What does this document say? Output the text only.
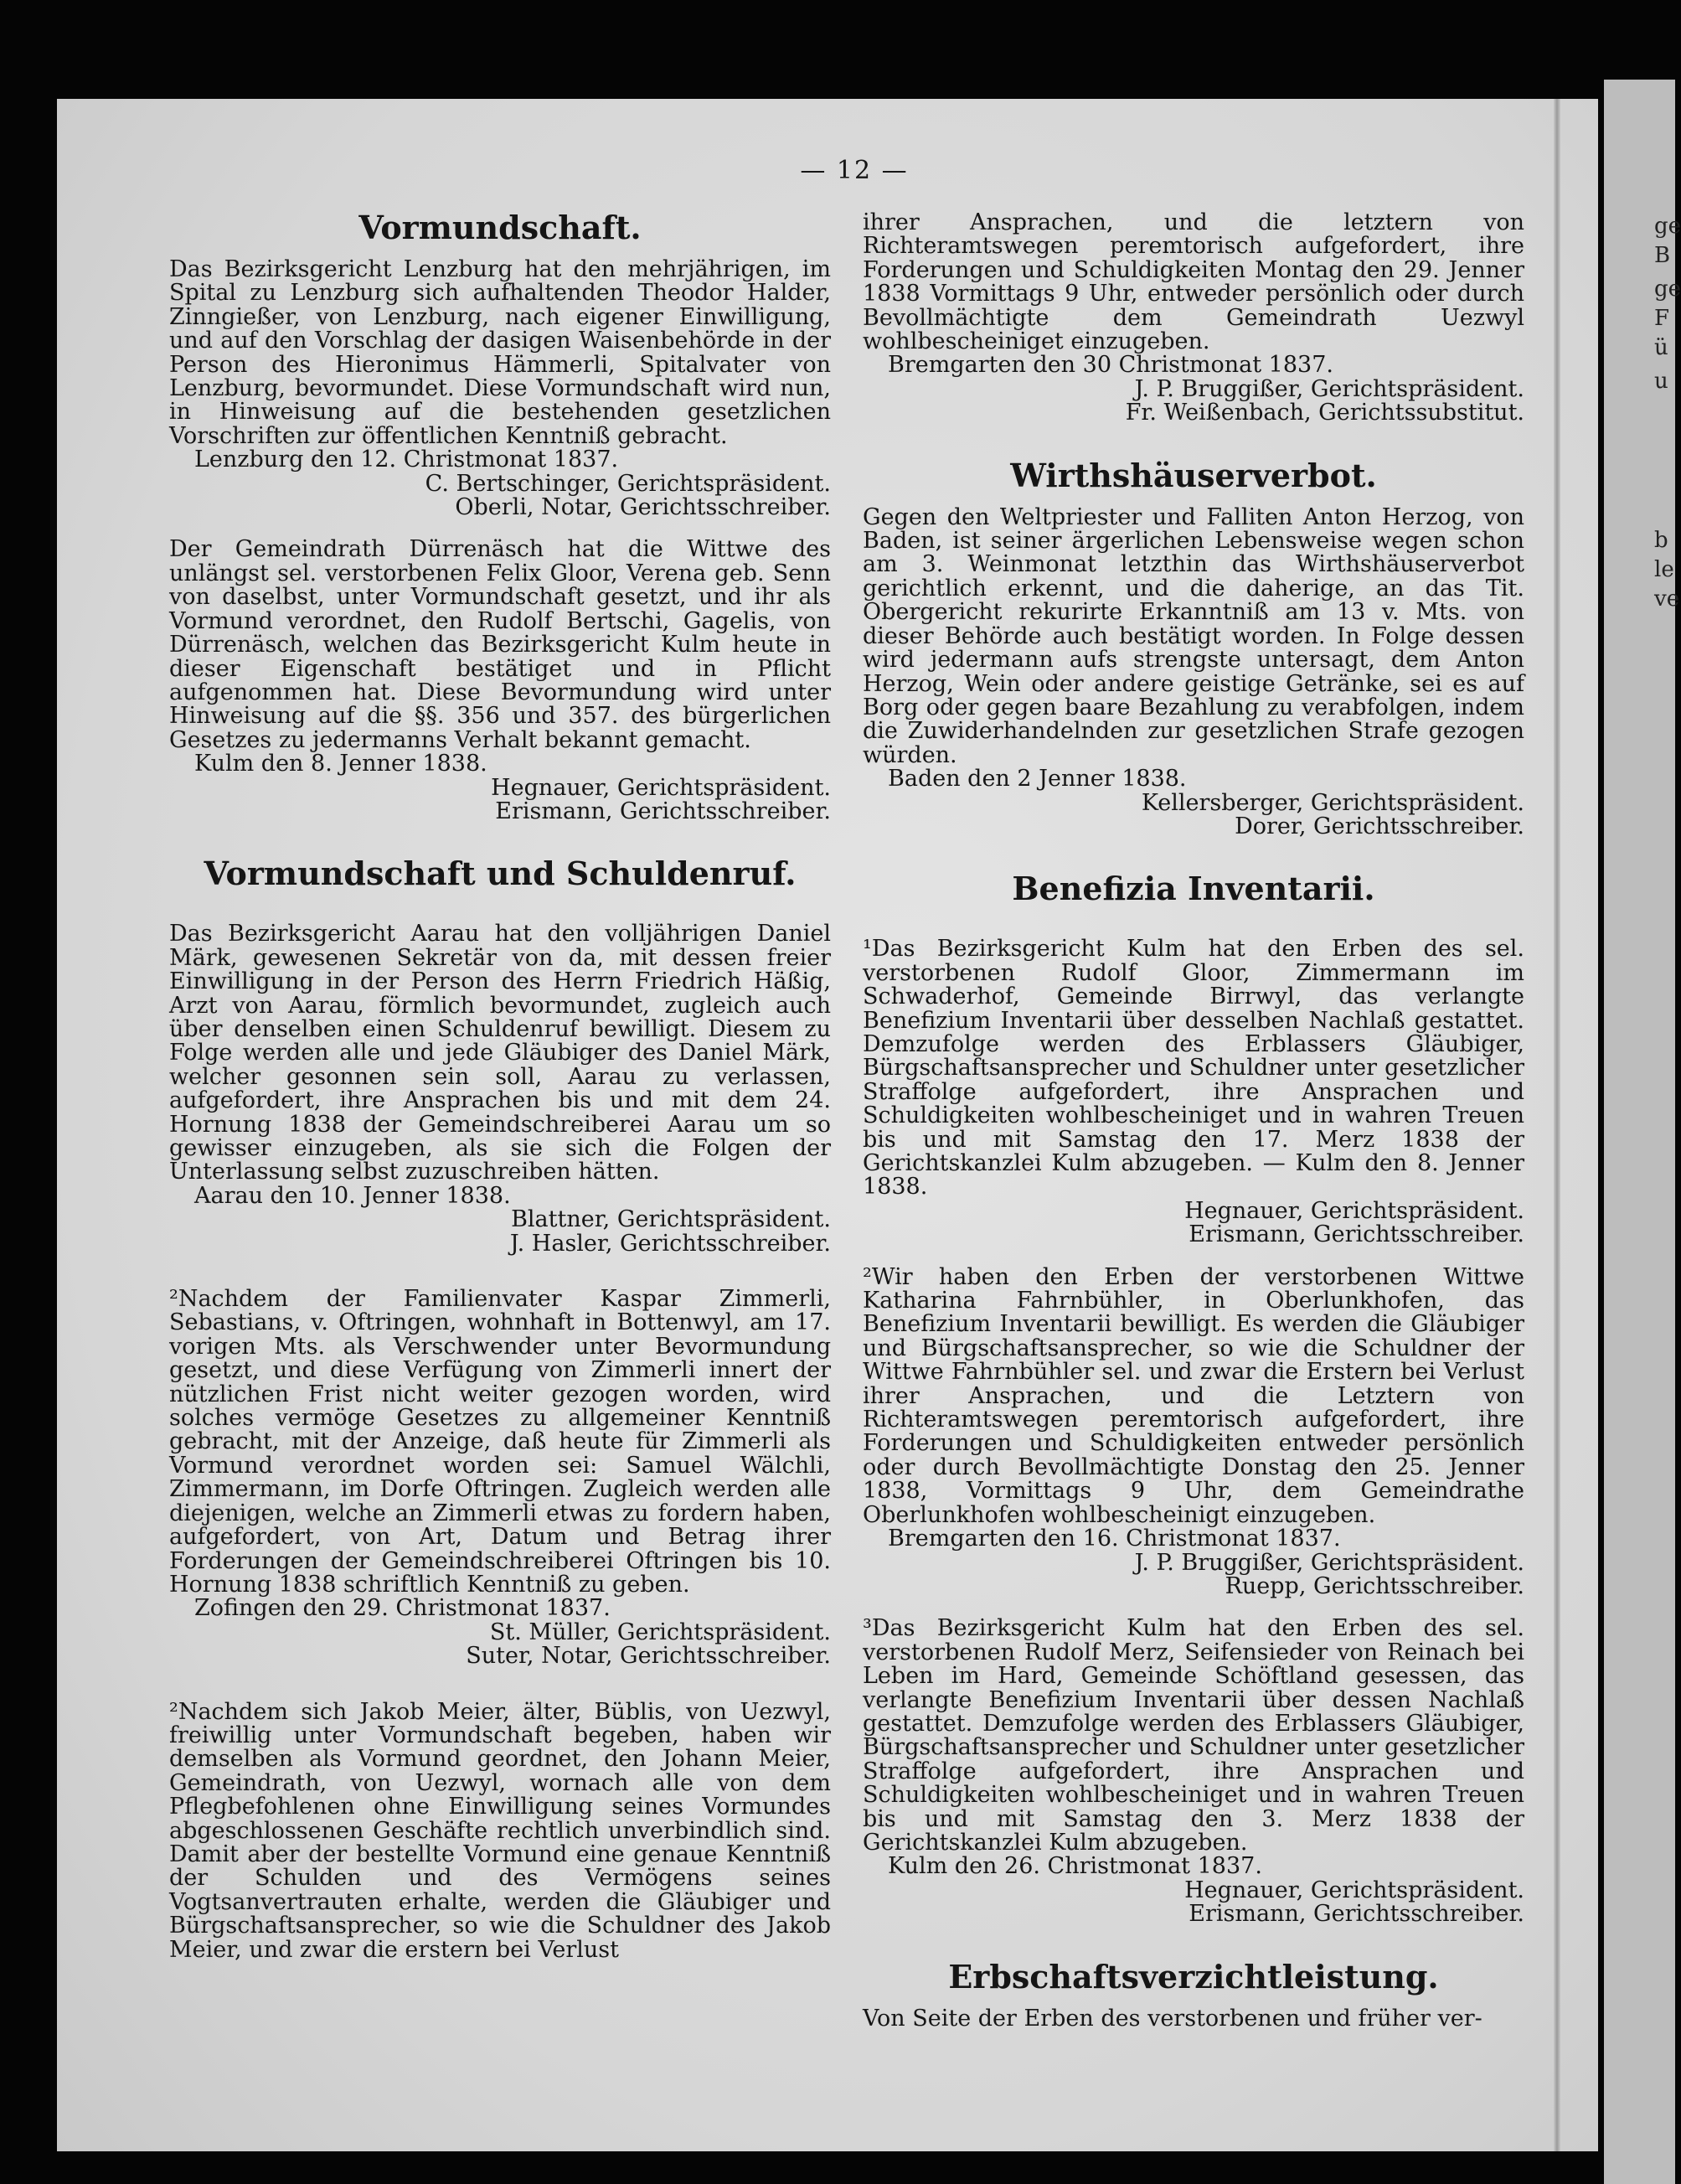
— 12 —
Vormundschaft.

Das Bezirksgericht Lenzburg hat den mehrjährigen, im Spital zu Lenzburg sich aufhaltenden Theodor Halder, Zinngießer, von Lenzburg, nach eigener Einwilligung, und auf den Vorschlag der dasigen Waisenbehörde in der Person des Hieronimus Hämmerli, Spitalvater von Lenzburg, bevormundet. Diese Vormundschaft wird nun, in Hinweisung auf die bestehenden gesetzlichen Vorschriften zur öffentlichen Kenntniß gebracht.

Lenzburg den 12. Christmonat 1837.

C. Bertschinger, Gerichtspräsident.

Oberli, Notar, Gerichtsschreiber.

Der Gemeindrath Dürrenäsch hat die Wittwe des unlängst sel. verstorbenen Felix Gloor, Verena geb. Senn von daselbst, unter Vormundschaft gesetzt, und ihr als Vormund verordnet, den Rudolf Bertschi, Gagelis, von Dürrenäsch, welchen das Bezirksgericht Kulm heute in dieser Eigenschaft bestätiget und in Pflicht aufgenommen hat. Diese Bevormundung wird unter Hinweisung auf die §§. 356 und 357. des bürgerlichen Gesetzes zu jedermanns Verhalt bekannt gemacht.

Kulm den 8. Jenner 1838.

Hegnauer, Gerichtspräsident.

Erismann, Gerichtsschreiber.

Vormundschaft und Schuldenruf.

Das Bezirksgericht Aarau hat den volljährigen Daniel Märk, gewesenen Sekretär von da, mit dessen freier Einwilligung in der Person des Herrn Friedrich Häßig, Arzt von Aarau, förmlich bevormundet, zugleich auch über denselben einen Schuldenruf bewilligt. Diesem zu Folge werden alle und jede Gläubiger des Daniel Märk, welcher gesonnen sein soll, Aarau zu verlassen, aufgefordert, ihre Ansprachen bis und mit dem 24. Hornung 1838 der Gemeindschreiberei Aarau um so gewisser einzugeben, als sie sich die Folgen der Unterlassung selbst zuzuschreiben hätten.

Aarau den 10. Jenner 1838.

Blattner, Gerichtspräsident.

J. Hasler, Gerichtsschreiber.

²Nachdem der Familienvater Kaspar Zimmerli, Sebastians, v. Oftringen, wohnhaft in Bottenwyl, am 17. vorigen Mts. als Verschwender unter Bevormundung gesetzt, und diese Verfügung von Zimmerli innert der nützlichen Frist nicht weiter gezogen worden, wird solches vermöge Gesetzes zu allgemeiner Kenntniß gebracht, mit der Anzeige, daß heute für Zimmerli als Vormund verordnet worden sei: Samuel Wälchli, Zimmermann, im Dorfe Oftringen. Zugleich werden alle diejenigen, welche an Zimmerli etwas zu fordern haben, aufgefordert, von Art, Datum und Betrag ihrer Forderungen der Gemeindschreiberei Oftringen bis 10. Hornung 1838 schriftlich Kenntniß zu geben.

Zofingen den 29. Christmonat 1837.

St. Müller, Gerichtspräsident.

Suter, Notar, Gerichtsschreiber.

²Nachdem sich Jakob Meier, älter, Büblis, von Uezwyl, freiwillig unter Vormundschaft begeben, haben wir demselben als Vormund geordnet, den Johann Meier, Gemeindrath, von Uezwyl, wornach alle von dem Pflegbefohlenen ohne Einwilligung seines Vormundes abgeschlossenen Geschäfte rechtlich unverbindlich sind. Damit aber der bestellte Vormund eine genaue Kenntniß der Schulden und des Vermögens seines Vogtsanvertrauten erhalte, werden die Gläubiger und Bürgschaftsansprecher, so wie die Schuldner des Jakob Meier, und zwar die erstern bei Verlust

ihrer Ansprachen, und die letztern von Richteramtswegen peremtorisch aufgefordert, ihre Forderungen und Schuldigkeiten Montag den 29. Jenner 1838 Vormittags 9 Uhr, entweder persönlich oder durch Bevollmächtigte dem Gemeindrath Uezwyl wohlbescheiniget einzugeben.

Bremgarten den 30 Christmonat 1837.

J. P. Bruggißer, Gerichtspräsident.

Fr. Weißenbach, Gerichtssubstitut.

Wirthshäuserverbot.

Gegen den Weltpriester und Falliten Anton Herzog, von Baden, ist seiner ärgerlichen Lebensweise wegen schon am 3. Weinmonat letzthin das Wirthshäuserverbot gerichtlich erkennt, und die daherige, an das Tit. Obergericht rekurirte Erkanntniß am 13 v. Mts. von dieser Behörde auch bestätigt worden. In Folge dessen wird jedermann aufs strengste untersagt, dem Anton Herzog, Wein oder andere geistige Getränke, sei es auf Borg oder gegen baare Bezahlung zu verabfolgen, indem die Zuwiderhandelnden zur gesetzlichen Strafe gezogen würden.

Baden den 2 Jenner 1838.

Kellersberger, Gerichtspräsident.

Dorer, Gerichtsschreiber.

Benefizia Inventarii.

¹Das Bezirksgericht Kulm hat den Erben des sel. verstorbenen Rudolf Gloor, Zimmermann im Schwaderhof, Gemeinde Birrwyl, das verlangte Benefizium Inventarii über desselben Nachlaß gestattet. Demzufolge werden des Erblassers Gläubiger, Bürgschaftsansprecher und Schuldner unter gesetzlicher Straffolge aufgefordert, ihre Ansprachen und Schuldigkeiten wohlbescheiniget und in wahren Treuen bis und mit Samstag den 17. Merz 1838 der Gerichtskanzlei Kulm abzugeben. — Kulm den 8. Jenner 1838.

Hegnauer, Gerichtspräsident.

Erismann, Gerichtsschreiber.

²Wir haben den Erben der verstorbenen Wittwe Katharina Fahrnbühler, in Oberlunkhofen, das Benefizium Inventarii bewilligt. Es werden die Gläubiger und Bürgschaftsansprecher, so wie die Schuldner der Wittwe Fahrnbühler sel. und zwar die Erstern bei Verlust ihrer Ansprachen, und die Letztern von Richteramtswegen peremtorisch aufgefordert, ihre Forderungen und Schuldigkeiten entweder persönlich oder durch Bevollmächtigte Donstag den 25. Jenner 1838, Vormittags 9 Uhr, dem Gemeindrathe Oberlunkhofen wohlbescheinigt einzugeben.

Bremgarten den 16. Christmonat 1837.

J. P. Bruggißer, Gerichtspräsident.

Ruepp, Gerichtsschreiber.

³Das Bezirksgericht Kulm hat den Erben des sel. verstorbenen Rudolf Merz, Seifensieder von Reinach bei Leben im Hard, Gemeinde Schöftland gesessen, das verlangte Benefizium Inventarii über dessen Nachlaß gestattet. Demzufolge werden des Erblassers Gläubiger, Bürgschaftsansprecher und Schuldner unter gesetzlicher Straffolge aufgefordert, ihre Ansprachen und Schuldigkeiten wohlbescheiniget und in wahren Treuen bis und mit Samstag den 3. Merz 1838 der Gerichtskanzlei Kulm abzugeben.

Kulm den 26. Christmonat 1837.

Hegnauer, Gerichtspräsident.

Erismann, Gerichtsschreiber.

Erbschaftsverzichtleistung.

Von Seite der Erben des verstorbenen und früher ver-

ge
B
ge
F
ü
u
b
le
ve
